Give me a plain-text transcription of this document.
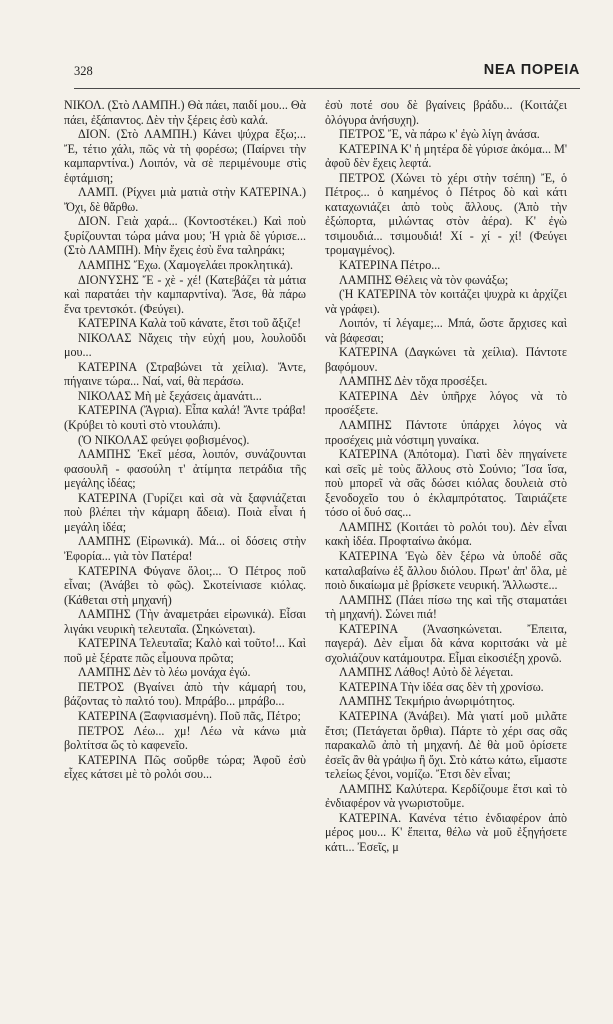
328	ΝΕΑ ΠΟΡΕΙΑ

ΝΙΚΟΛ. (Στὸ ΛΑΜΠΗ.) Θὰ πάει, παιδί μου... Θὰ πάει, ἐξάπαντος. Δὲν τὴν ξέρεις ἐσὺ καλά.

ΔΙΟΝ. (Στὸ ΛΑΜΠΗ.) Κάνει ψύχρα ἔξω;... Ἔ, τέτιο χάλι, πῶς νὰ τὴ φορέσω; (Παίρνει τὴν καμπαρντίνα.) Λοιπόν, νὰ σὲ περιμένουμε στὶς ἑφτάμιση;

ΛΑΜΠ. (Ρίχνει μιὰ ματιὰ στὴν ΚΑΤΕΡΙΝΑ.) Ὄχι, δὲ θἄρθω.

ΔΙΟΝ. Γειὰ χαρά... (Κοντοστέκει.) Καὶ ποὺ ξυρίζουνται τώρα μάνα μου; Ἡ γριὰ δὲ γύρισε... (Στὸ ΛΑΜΠΗ). Μὴν ἔχεις ἐσὺ ἕνα ταληράκι;

ΛΑΜΠΗΣ Ἔχω. (Χαμογελάει προκλητικά).

ΔΙΟΝΥΣΗΣ Ἔ - χὲ - χέ! (Κατεβάζει τὰ μάτια καὶ παρατάει τὴν καμπαρντίνα). Ἄσε, θὰ πάρω ἕνα τρεντσκότ. (Φεύγει).

ΚΑΤΕΡΙΝΑ Καλὰ τοῦ κάνατε, ἔτσι τοῦ ἄξιζε!

ΝΙΚΟΛΑΣ Νἄχεις τὴν εὐχή μου, λουλοῦδι μου...

ΚΑΤΕΡΙΝΑ (Στραβώνει τὰ χείλια). Ἄντε, πήγαινε τώρα... Ναί, ναί, θὰ περάσω.

ΝΙΚΟΛΑΣ Μὴ μὲ ξεχάσεις ἀμανάτι...

ΚΑΤΕΡΙΝΑ (Ἄγρια). Εἶπα καλά! Ἄντε τράβα! (Κρύβει τὸ κουτὶ στὸ ντουλάπι).

(Ὁ ΝΙΚΟΛΑΣ φεύγει φοβισμένος).

ΛΑΜΠΗΣ Ἐκεῖ μέσα, λοιπόν, συνάζουνται φασουλῆ - φασούλη τ' ἀτίμητα πετράδια τῆς μεγάλης ἰδέας;

ΚΑΤΕΡΙΝΑ (Γυρίζει καὶ σὰ νὰ ξαφνιάζεται ποὺ βλέπει τὴν κάμαρη ἄδεια). Ποιὰ εἶναι ἡ μεγάλη ἰδέα;

ΛΑΜΠΗΣ (Εἰρωνικά). Μά... οἱ δόσεις στὴν Ἐφορία... γιὰ τὸν Πατέρα!

ΚΑΤΕΡΙΝΑ Φύγανε ὅλοι;... Ὁ Πέτρος ποῦ εἶναι; (Ἀνάβει τὸ φῶς). Σκοτείνιασε κιόλας. (Κάθεται στὴ μηχανή)

ΛΑΜΠΗΣ (Τὴν ἀναμετράει εἰρωνικά). Εἶσαι λιγάκι νευρικὴ τελευταῖα. (Σηκώνεται).

ΚΑΤΕΡΙΝΑ Τελευταῖα; Καλὸ καὶ τοῦτο!... Καὶ ποῦ μὲ ξέρατε πῶς εἶμουνα πρῶτα;

ΛΑΜΠΗΣ Δὲν τὸ λέω μονάχα ἐγώ.

ΠΕΤΡΟΣ (Βγαίνει ἀπὸ τὴν κάμαρή του, βάζοντας τὸ παλτό του). Μπράβο... μπράβο...

ΚΑΤΕΡΙΝΑ (Ξαφνιασμένη). Ποῦ πᾶς, Πέτρο;

ΠΕΤΡΟΣ Λέω... χμ! Λέω νὰ κάνω μιὰ βολτίτσα ὥς τὸ καφενεῖο.

ΚΑΤΕΡΙΝΑ Πῶς σοὔρθε τώρα; Ἀφοῦ ἐσὺ εἶχες κάτσει μὲ τὸ ρολόι σου...

ἐσὺ ποτέ σου δὲ βγαίνεις βράδυ... (Κοιτάζει ὀλόγυρα ἀνήσυχη).

ΠΕΤΡΟΣ Ἔ, νὰ πάρω κ' ἐγὼ λίγη ἀνάσα.

ΚΑΤΕΡΙΝΑ Κ' ἡ μητέρα δὲ γύρισε ἀκόμα... Μ' ἀφοῦ δὲν ἔχεις λεφτά.

ΠΕΤΡΟΣ (Χώνει τὸ χέρι στὴν τσέπη) Ἔ, ὁ Πέτρος... ὁ καημένος ὁ Πέτρος δὸ καὶ κάτι καταχωνιάζει ἀπὸ τοὺς ἄλλους. (Ἀπὸ τὴν ἐξώπορτα, μιλώντας στὸν ἀέρα). Κ' ἐγὼ τσιμουδιά... τσιμουδιά! Χί - χί - χί! (Φεύγει τρομαγμένος).

ΚΑΤΕΡΙΝΑ Πέτρο...

ΛΑΜΠΗΣ Θέλεις νὰ τὸν φωνάξω;

(Ἡ ΚΑΤΕΡΙΝΑ τὸν κοιτάζει ψυχρὰ κι ἀρχίζει νὰ γράφει).

Λοιπόν, τί λέγαμε;... Μπά, ὥστε ἄρχισες καὶ νὰ βάφεσαι;

ΚΑΤΕΡΙΝΑ (Δαγκώνει τὰ χείλια). Πάντοτε βαφόμουν.

ΛΑΜΠΗΣ Δὲν τὄχα προσέξει.

ΚΑΤΕΡΙΝΑ Δὲν ὑπῆρχε λόγος νὰ τὸ προσέξετε.

ΛΑΜΠΗΣ Πάντοτε ὑπάρχει λόγος νὰ προσέχεις μιὰ νόστιμη γυναίκα.

ΚΑΤΕΡΙΝΑ (Ἀπότομα). Γιατὶ δὲν πηγαίνετε καὶ σεῖς μὲ τοὺς ἄλλους στὸ Σούνιο; Ἴσα ἴσα, ποὺ μπορεῖ νὰ σᾶς δώσει κιόλας δουλειὰ στὸ ξενοδοχεῖο του ὁ ἐκλαμπρότατος. Ταιριάζετε τόσο οἱ δυό σας...

ΛΑΜΠΗΣ (Κοιτάει τὸ ρολόι του). Δὲν εἶναι κακὴ ἰδέα. Προφταίνω ἀκόμα.

ΚΑΤΕΡΙΝΑ Ἐγὼ δὲν ξέρω νὰ ὑποδέ σᾶς καταλαβαίνω ἐξ ἄλλου διόλου. Πρωτ' ἀπ' ὅλα, μὲ ποιὸ δικαίωμα μὲ βρίσκετε νευρική. Ἄλλωστε...

ΛΑΜΠΗΣ (Πάει πίσω της καὶ τῆς σταματάει τὴ μηχανή). Σώνει πιά!

ΚΑΤΕΡΙΝΑ (Ἀνασηκώνεται. Ἔπειτα, παγερά). Δὲν εἶμαι δὰ κάνα κοριτσάκι νὰ μὲ σχολιάζουν κατάμουτρα. Εἶμαι εἰκοσιέξη χρονῶ.

ΛΑΜΠΗΣ Λάθος! Αὐτὸ δὲ λέγεται.

ΚΑΤΕΡΙΝΑ Τὴν ἰδέα σας δὲν τὴ χρονίσω.

ΛΑΜΠΗΣ Τεκμήριο ἀνωριμότητος.

ΚΑΤΕΡΙΝΑ (Ἀνάβει). Μὰ γιατί μοῦ μιλᾶτε ἔτσι; (Πετάγεται ὄρθια). Πάρτε τὸ χέρι σας σᾶς παρακαλῶ ἀπὸ τὴ μηχανή. Δὲ θὰ μοῦ ὁρίσετε ἐσεῖς ἂν θὰ γράψω ἢ ὄχι. Στὸ κάτω κάτω, εἴμαστε τελείως ξένοι, νομίζω. Ἔτσι δὲν εἶναι;

ΛΑΜΠΗΣ Καλύτερα. Κερδίζουμε ἔτσι καὶ τὸ ἐνδιαφέρον νὰ γνωριστοῦμε.

ΚΑΤΕΡΙΝΑ. Κανένα τέτιο ἐνδιαφέρον ἀπὸ μέρος μου... Κ' ἔπειτα, θέλω νὰ μοῦ ἐξηγήσετε κάτι... Ἐσεῖς, μ
